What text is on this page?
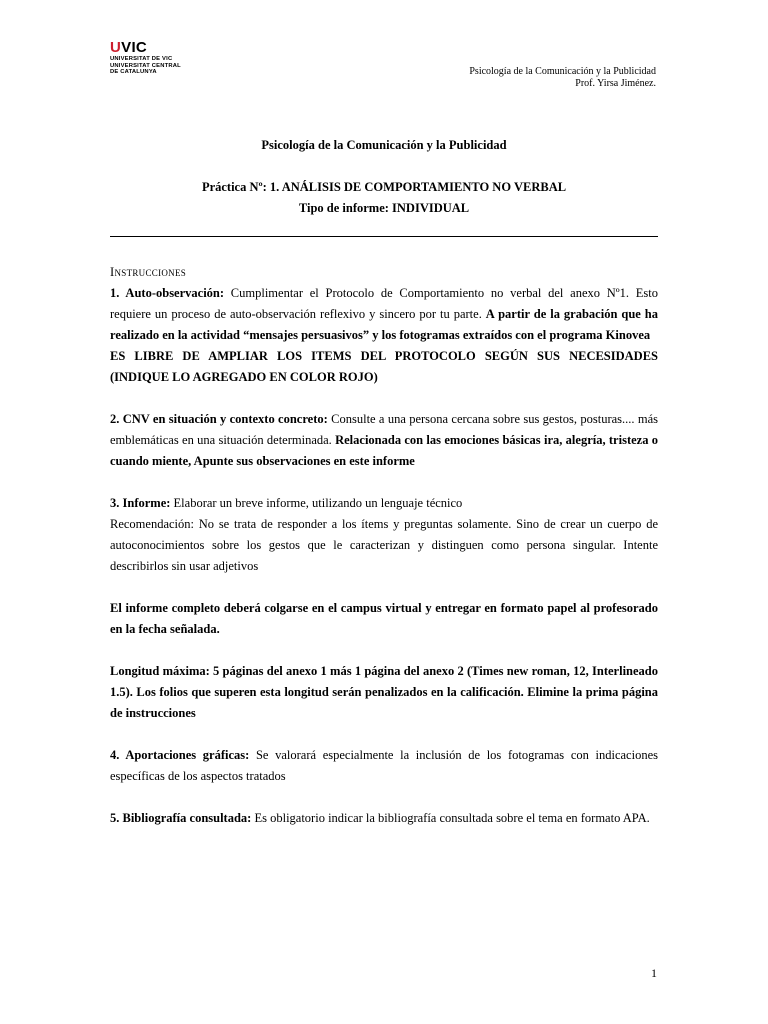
UVIC
UNIVERSITAT DE VIC
UNIVERSITAT CENTRAL
DE CATALUNYA	Psicología de la Comunicación y la Publicidad
Prof. Yirsa Jiménez.
Psicología de la Comunicación y la Publicidad
Práctica Nº: 1. ANÁLISIS DE COMPORTAMIENTO NO VERBAL
Tipo de informe: INDIVIDUAL

Instrucciones

1. Auto-observación: Cumplimentar el Protocolo de Comportamiento no verbal del anexo Nº1. Esto requiere un proceso de auto-observación reflexivo y sincero por tu parte. A partir de la grabación que ha realizado en la actividad “mensajes persuasivos” y los fotogramas extraídos con el programa Kinovea

ES LIBRE DE AMPLIAR LOS ITEMS DEL PROTOCOLO SEGÚN SUS NECESIDADES (INDIQUE LO AGREGADO EN COLOR ROJO)

2. CNV en situación y contexto concreto: Consulte a una persona cercana sobre sus gestos, posturas.... más emblemáticas en una situación determinada. Relacionada con las emociones básicas ira, alegría, tristeza o cuando miente, Apunte sus observaciones en este informe

3. Informe: Elaborar un breve informe, utilizando un lenguaje técnico

Recomendación: No se trata de responder a los ítems y preguntas solamente. Sino de crear un cuerpo de autoconocimientos sobre los gestos que le caracterizan y distinguen como persona singular. Intente describirlos sin usar adjetivos

El informe completo deberá colgarse en el campus virtual y entregar en formato papel al profesorado en la fecha señalada.

Longitud máxima: 5 páginas del anexo 1 más 1 página del anexo 2 (Times new roman, 12, Interlineado 1.5). Los folios que superen esta longitud serán penalizados en la calificación. Elimine la prima página de instrucciones

4. Aportaciones gráficas: Se valorará especialmente la inclusión de los fotogramas con indicaciones específicas de los aspectos tratados

5. Bibliografía consultada: Es obligatorio indicar la bibliografía consultada sobre el tema en formato APA.

1
